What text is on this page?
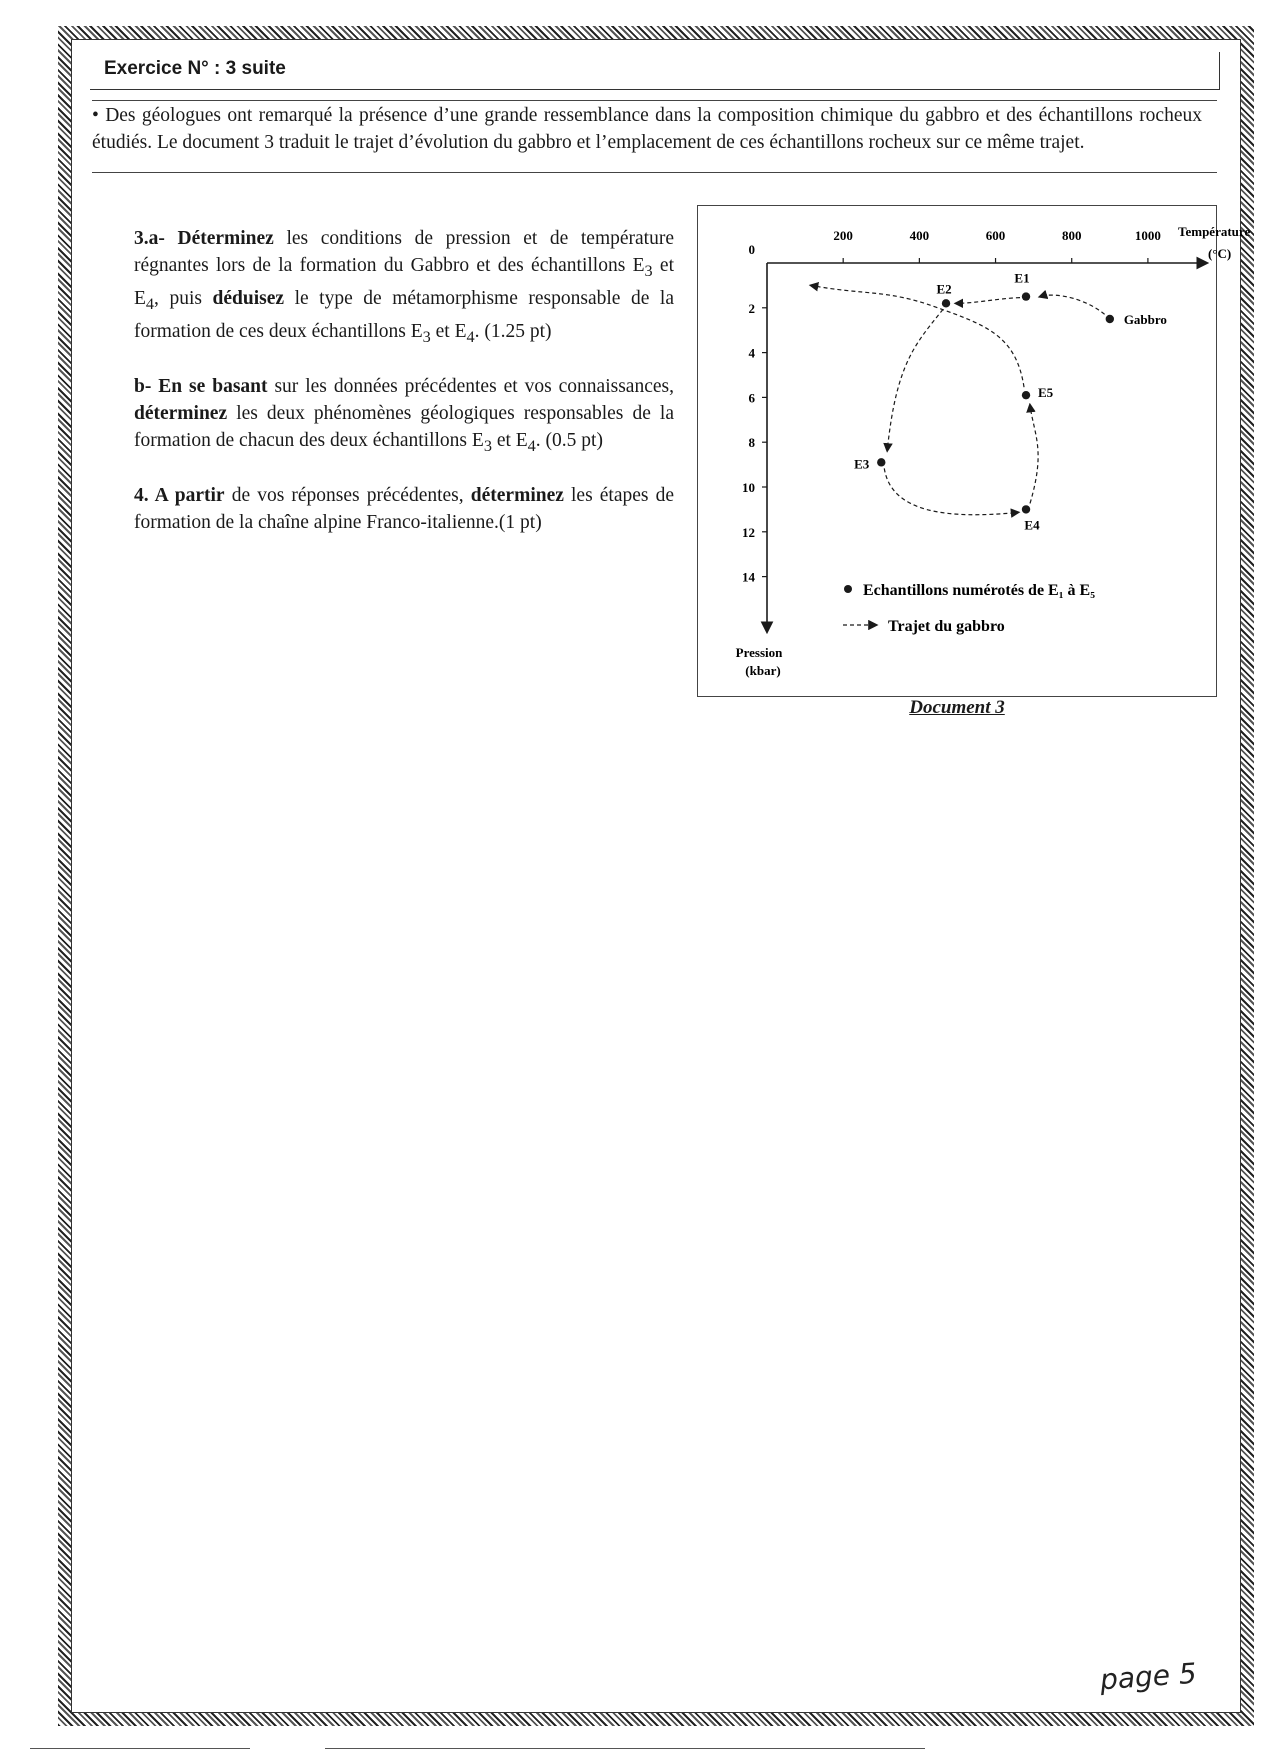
Exercice N° : 3 suite
• Des géologues ont remarqué la présence d’une grande ressemblance dans la composition chimique du gabbro et des échantillons rocheux étudiés. Le document 3 traduit le trajet d’évolution du gabbro et l’emplacement de ces échantillons rocheux sur ce même trajet.

3.a- Déterminez les conditions de pression et de température régnantes lors de la formation du Gabbro et des échantillons $E_3$ et $E_4$, puis déduisez le type de métamorphisme responsable de la formation de ces deux échantillons $E_3$ et $E_4$. (1.25 pt)

b- En se basant sur les données précédentes et vos connaissances, déterminez les deux phénomènes géologiques responsables de la formation de chacun des deux échantillons $E_3$ et $E_4$. (0.5 pt)

4. A partir de vos réponses précédentes, déterminez les étapes de formation de la chaîne alpine Franco-italienne.(1 pt)

Température
(°C)
Pression
(kbar)
200	400	600	800	1000
0
2
4
6
8
10
12
14
Gabbro
E1
E2
E3
E4
E5
Echantillons numérotés de E₁ à E₅
Trajet du gabbro
Document 3
page 5
